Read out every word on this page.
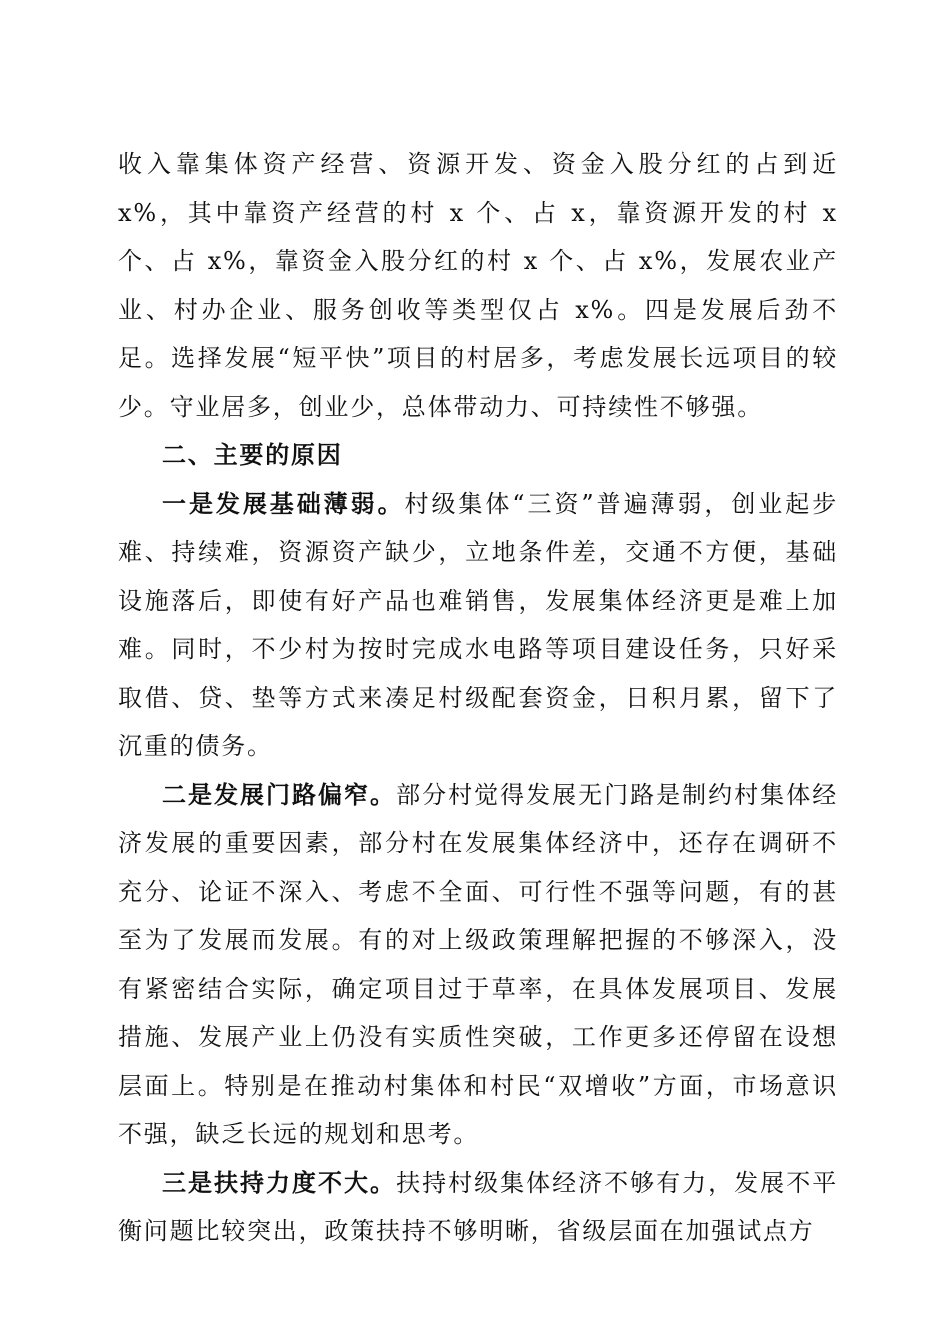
收入靠集体资产经营、资源开发、资金入股分红的占到近 x%，其中靠资产经营的村 x 个、占 x，靠资源开发的村 x 个、占 x%，靠资金入股分红的村 x 个、占 x%，发展农业产业、村办企业、服务创收等类型仅占 x%。四是发展后劲不足。选择发展“短平快”项目的村居多，考虑发展长远项目的较少。守业居多，创业少，总体带动力、可持续性不够强。

二、主要的原因

一是发展基础薄弱。村级集体“三资”普遍薄弱，创业起步难、持续难，资源资产缺少，立地条件差，交通不方便，基础设施落后，即使有好产品也难销售，发展集体经济更是难上加难。同时，不少村为按时完成水电路等项目建设任务，只好采取借、贷、垫等方式来凑足村级配套资金，日积月累，留下了沉重的债务。

二是发展门路偏窄。部分村觉得发展无门路是制约村集体经济发展的重要因素，部分村在发展集体经济中，还存在调研不充分、论证不深入、考虑不全面、可行性不强等问题，有的甚至为了发展而发展。有的对上级政策理解把握的不够深入，没有紧密结合实际，确定项目过于草率，在具体发展项目、发展措施、发展产业上仍没有实质性突破，工作更多还停留在设想层面上。特别是在推动村集体和村民“双增收”方面，市场意识不强，缺乏长远的规划和思考。

三是扶持力度不大。扶持村级集体经济不够有力，发展不平衡问题比较突出，政策扶持不够明晰，省级层面在加强试点方
